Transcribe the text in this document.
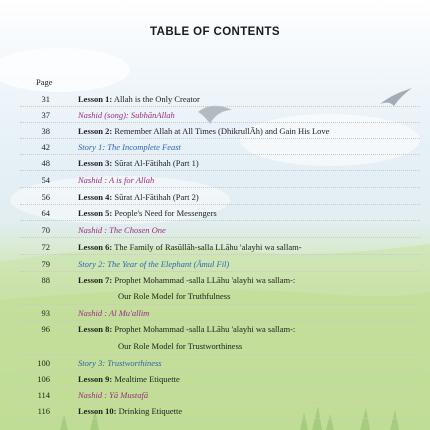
TABLE OF CONTENTS
Page
31	Lesson 1: Allah is the Only Creator
37	Nashid (song): SubhānAllah
38	Lesson 2: Remember Allah at All Times (DhikrullĀh) and Gain His Love
42	Story 1: The Incomplete Feast
48	Lesson 3: Sūrat Al-Fātihah (Part 1)
54	Nashid : A is for Allah
56	Lesson 4: Sūrat Al-Fātihah (Part 2)
64	Lesson 5: People's Need for Messengers
70	Nashid : The Chosen One
72	Lesson 6: The Family of Rasūllāh-salla LLāhu 'alayhi wa sallam-
79	Story 2: The Year of the Elephant (Āmul Fil)
88	Lesson 7: Prophet Mohammad -salla LLāhu 'alayhi wa sallam-:
Our Role Model for Truthfulness
93	Nashid : Al Mu'allim
96	Lesson 8: Prophet Mohammad -salla LLāhu 'alayhi wa sallam-:
Our Role Model for Trustworthiness
100	Story 3: Trustworthiness
106	Lesson 9: Mealtime Etiquette
114	Nashid : Yā Mustafā
116	Lesson 10: Drinking Etiquette
